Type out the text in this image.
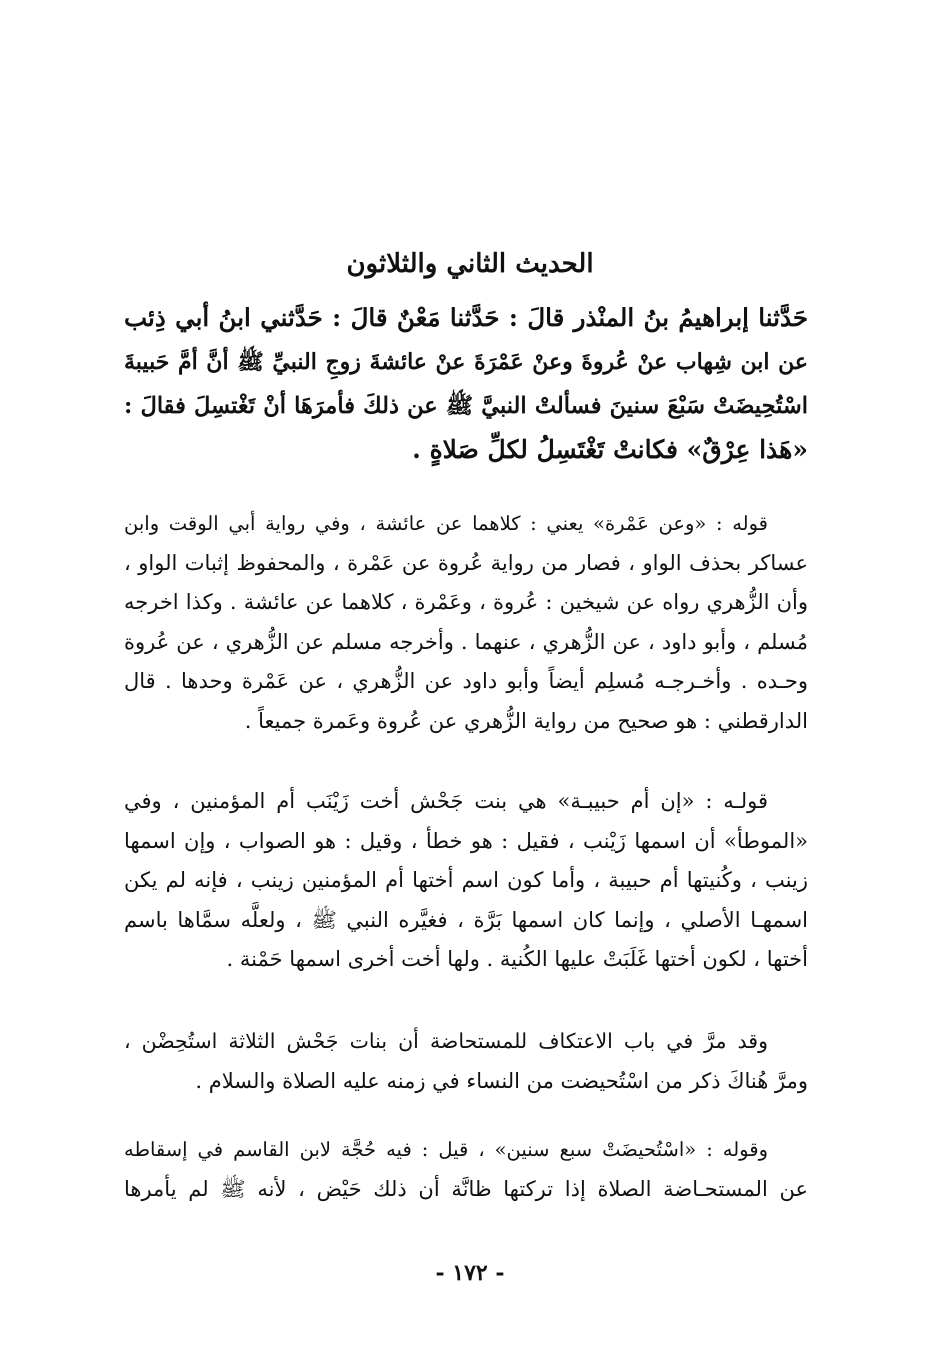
الحديث الثاني والثلاثون
حَدَّثنا إبراهيمُ بنُ المنْذر قالَ : حَدَّثنا مَعْنٌ قالَ : حَدَّثني ابنُ أبي ذِئب
عن ابن شِهاب عنْ عُروةَ وعنْ عَمْرَةَ عنْ عائشةَ زوجِ النبيِّ ﷺ أنَّ أمَّ حَبيبةَ
اسْتُحِيضَتْ سَبْعَ سنينَ فسألتْ النبيَّ ﷺ عن ذلكَ فأمرَهَا أنْ تَغْتسِلَ فقالَ :
«هَذا عِرْقٌ» فكانتْ تَغْتَسِلُ لكلِّ صَلاةٍ .
قوله : «وعن عَمْرة» يعني : كلاهما عن عائشة ، وفي رواية أبي الوقت وابن
عساكر بحذف الواو ، فصار من رواية عُروة عن عَمْرة ، والمحفوظ إثبات الواو ،
وأن الزُّهري رواه عن شيخين : عُروة ، وعَمْرة ، كلاهما عن عائشة . وكذا اخرجه
مُسلم ، وأبو داود ، عن الزُّهري ، عنهما . وأخرجه مسلم عن الزُّهري ، عن عُروة
وحـده . وأخـرجـه مُسلِم أيضاً وأبو داود عن الزُّهري ، عن عَمْرة وحدها . قال
الدارقطني : هو صحيح من رواية الزُّهري عن عُروة وعَمرة جميعاً .
قولـه : «إن أم حبيبـة» هي بنت جَحْش أخت زَيْنَب أم المؤمنين ، وفي
«الموطأ» أن اسمها زَيْنب ، فقيل : هو خطأ ، وقيل : هو الصواب ، وإن اسمها
زينب ، وكُنيتها أم حبيبة ، وأما كون اسم أختها أم المؤمنين زينب ، فإنه لم يكن
اسمهـا الأصلي ، وإنما كان اسمها بَرَّة ، فغيَّره النبي ﷺ ، ولعلَّه سمَّاها باسم
أختها ، لكون أختها غَلَبَتْ عليها الكُنية . ولها أخت أخرى اسمها حَمْنة .
وقد مرَّ في باب الاعتكاف للمستحاضة أن بنات جَحْش الثلاثة استُحِضْن ،
ومرَّ هُناكَ ذكر من اسْتُحيضت من النساء في زمنه عليه الصلاة والسلام .
وقوله : «اسْتُحيضَتْ سبع سنين» ، قيل : فيه حُجَّة لابن القاسم في إسقاطه
عن المستحـاضة الصلاة إذا تركتها ظانَّة أن ذلك حَيْض ، لأنه ﷺ لم يأمرها
- ١٧٢ -
